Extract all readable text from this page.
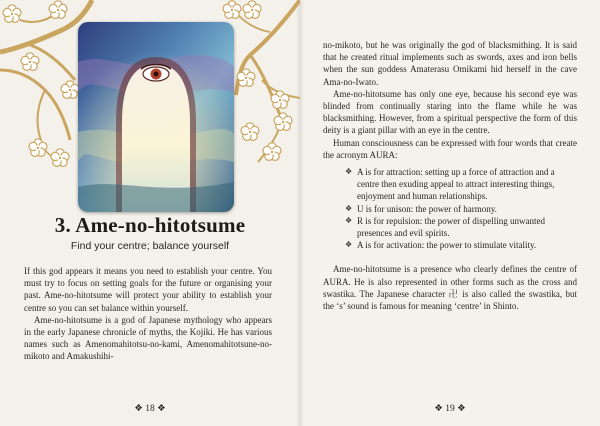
3. Ame-no-hitotsume
Find your centre; balance yourself

If this god appears it means you need to establish your centre. You must try to focus on setting goals for the future or organising your past. Ame-no-hitotsume will protect your ability to establish your centre so you can set balance within yourself.

Ame-no-hitotsume is a god of Japanese mythology who appears in the early Japanese chronicle of myths, the Kojiki. He has various names such as Amenomahitotsu-no-kami, Amenomahitotsune-no-mikoto and Amakushihi-

no-mikoto, but he was originally the god of blacksmithing. It is said that he created ritual implements such as swords, axes and iron bells when the sun goddess Amaterasu Omikami hid herself in the cave Ama-no-Iwato.

Ame-no-hitotsume has only one eye, because his second eye was blinded from continually staring into the flame while he was blacksmithing. However, from a spiritual perspective the form of this deity is a giant pillar with an eye in the centre.

Human consciousness can be expressed with four words that create the acronym AURA:

❖ A is for attraction: setting up a force of attraction and a centre then exuding appeal to attract interesting things, enjoyment and human relationships.
❖ U is for unison: the power of harmony.
❖ R is for repulsion: the power of dispelling unwanted presences and evil spirits.
❖ A is for activation: the power to stimulate vitality.

Ame-no-hitotsume is a presence who clearly defines the centre of AURA. He is also represented in other forms such as the cross and swastika. The Japanese character 卍 is also called the swastika, but the ‘s’ sound is famous for meaning ‘centre’ in Shinto.

❖ 18 ❖	❖ 19 ❖
